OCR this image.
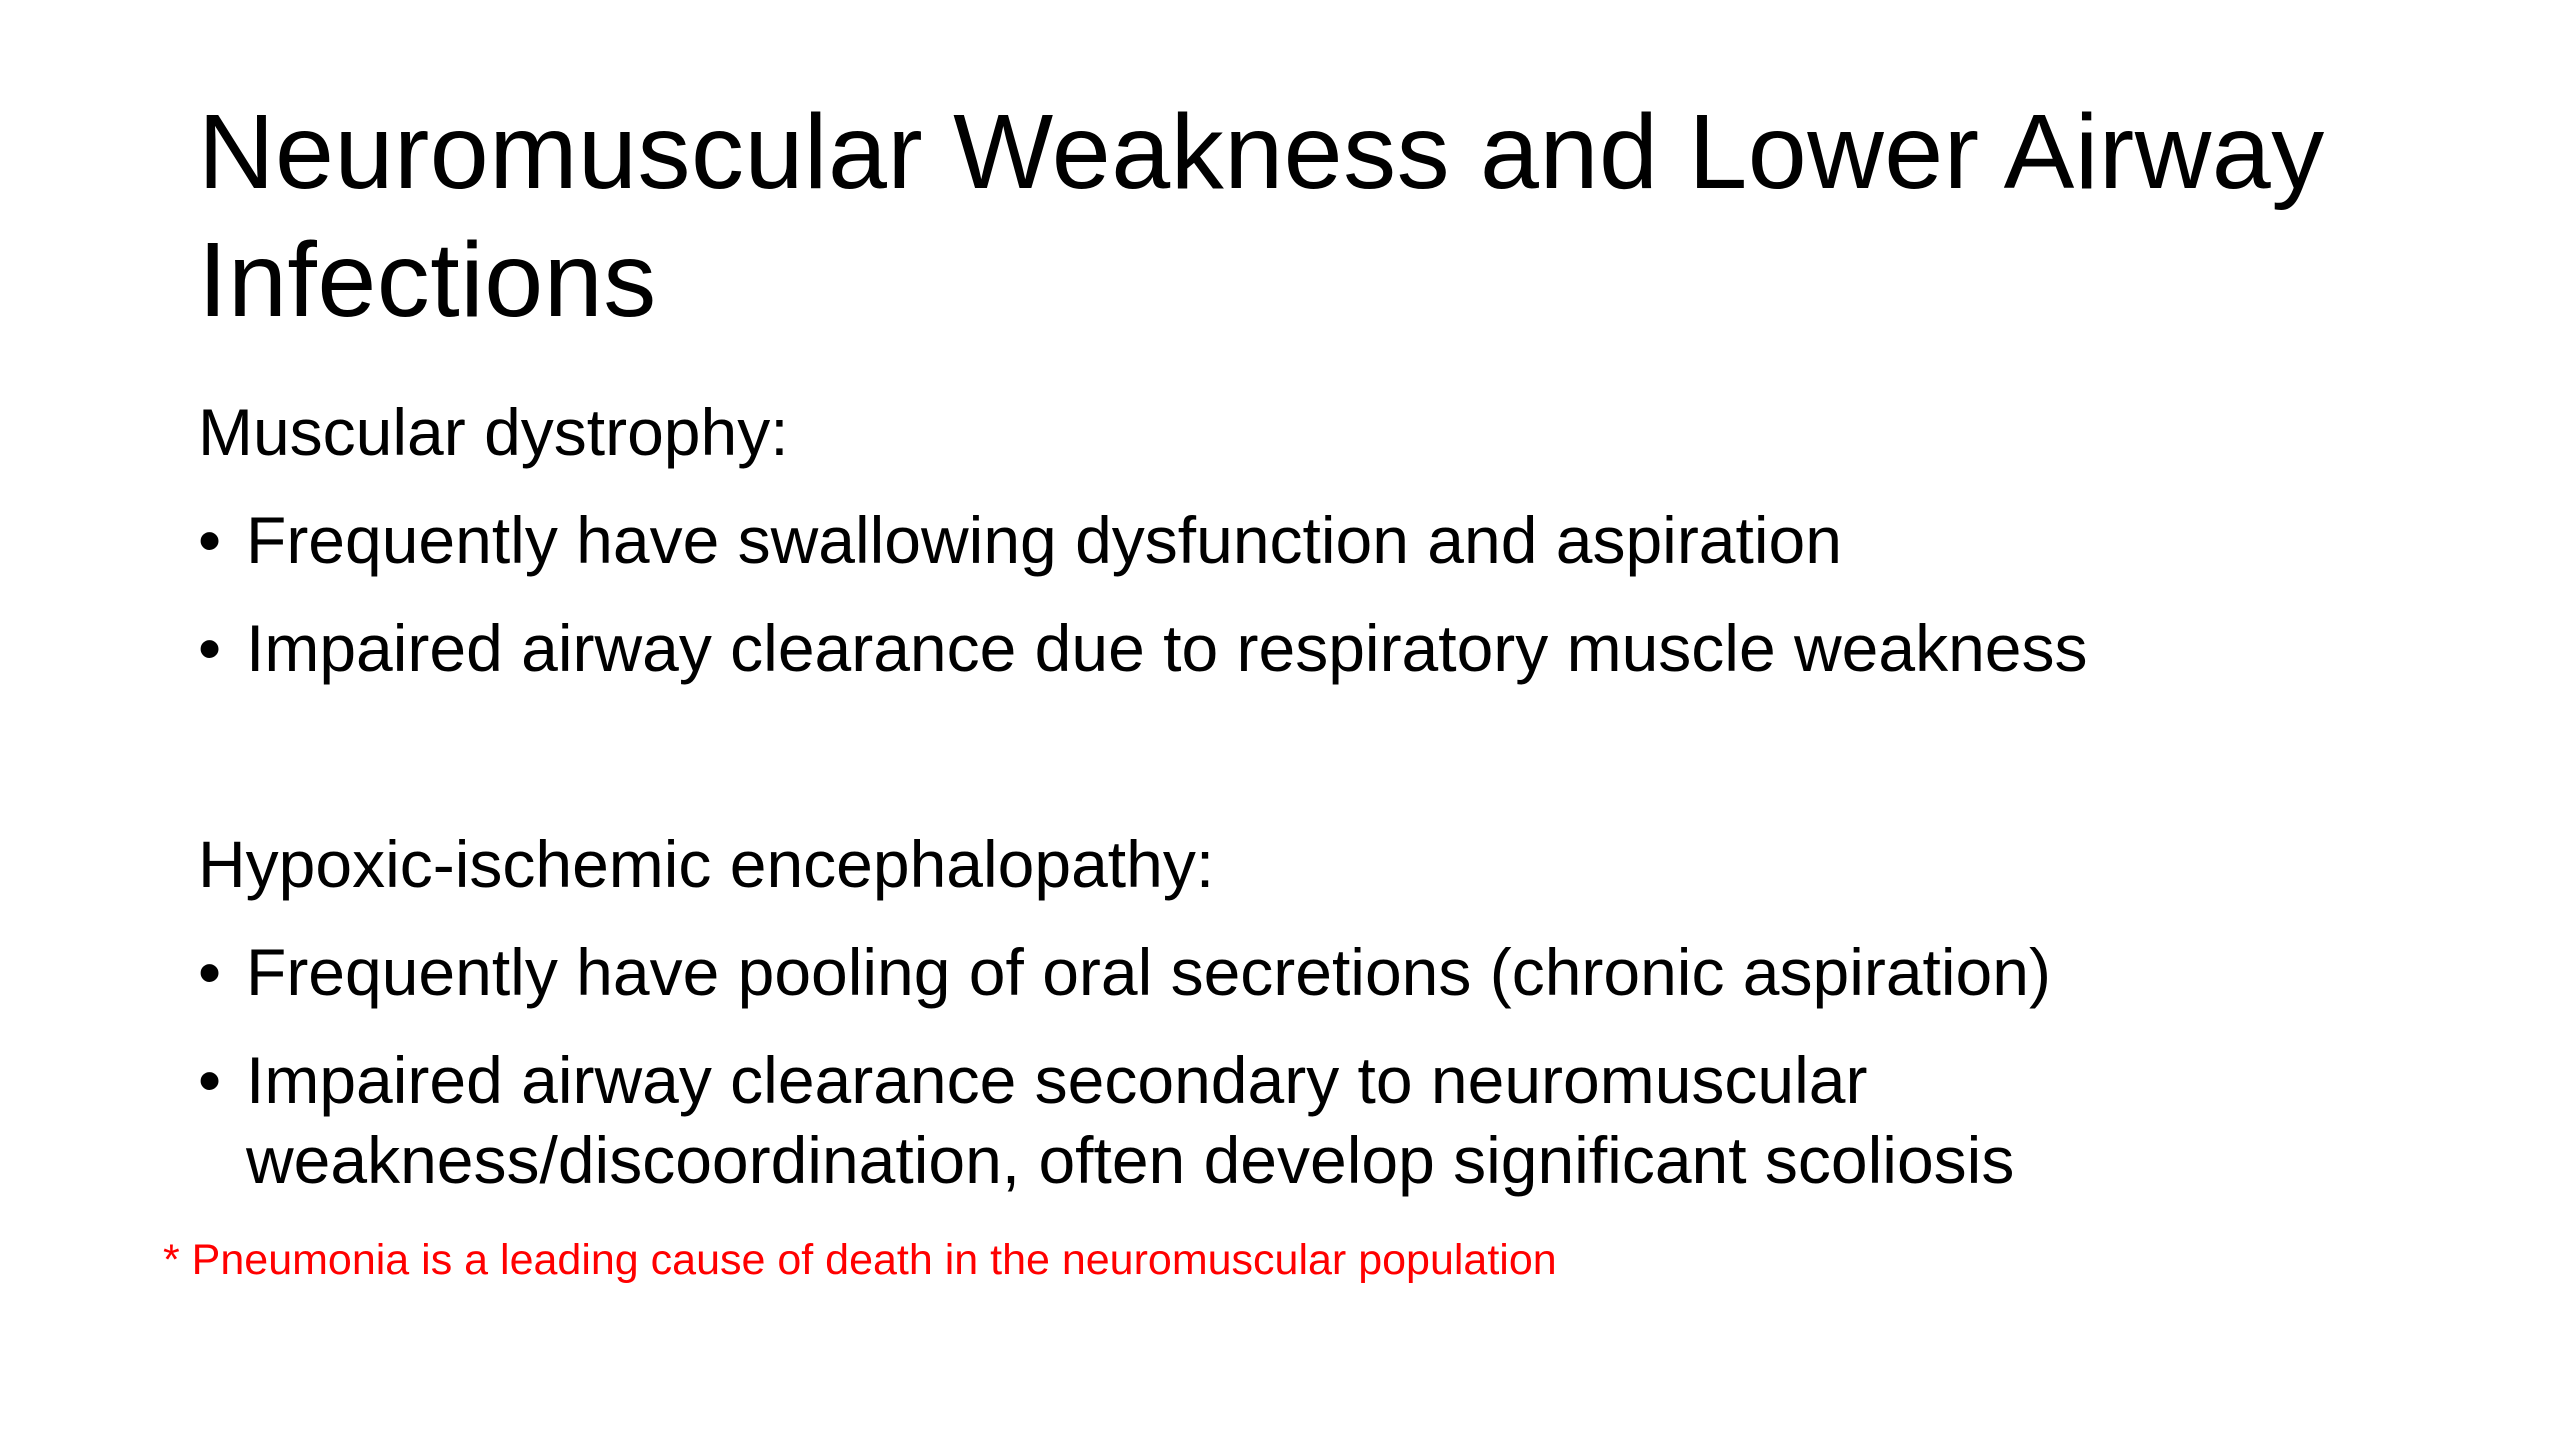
Neuromuscular Weakness and Lower Airway Infections

Muscular dystrophy:

• Frequently have swallowing dysfunction and aspiration
• Impaired airway clearance due to respiratory muscle weakness

Hypoxic-ischemic encephalopathy:

• Frequently have pooling of oral secretions (chronic aspiration)
• Impaired airway clearance secondary to neuromuscular weakness/discoordination, often develop significant scoliosis

* Pneumonia is a leading cause of death in the neuromuscular population
